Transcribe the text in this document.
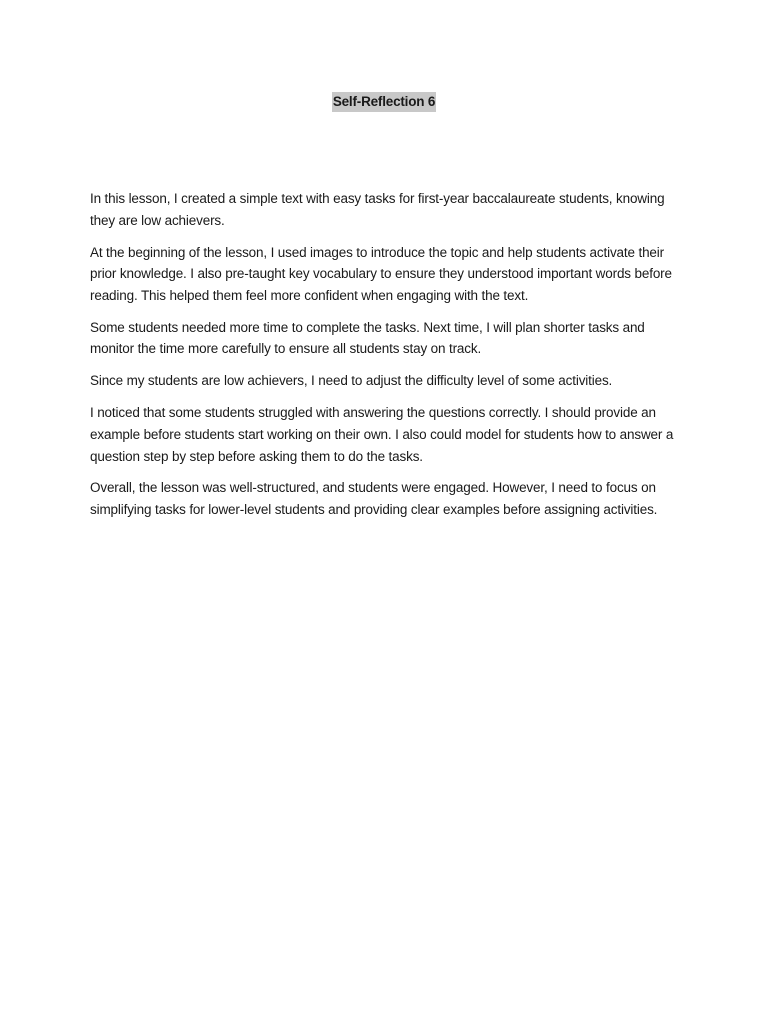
Self-Reflection 6

In this lesson, I created a simple text with easy tasks for first-year baccalaureate students, knowing they are low achievers.

At the beginning of the lesson, I used images to introduce the topic and help students activate their prior knowledge. I also pre-taught key vocabulary to ensure they understood important words before reading. This helped them feel more confident when engaging with the text.

Some students needed more time to complete the tasks. Next time, I will plan shorter tasks and monitor the time more carefully to ensure all students stay on track.

Since my students are low achievers, I need to adjust the difficulty level of some activities.

I noticed that some students struggled with answering the questions correctly. I should provide an example before students start working on their own. I also could model for students how to answer a question step by step before asking them to do the tasks.

Overall, the lesson was well-structured, and students were engaged. However, I need to focus on simplifying tasks for lower-level students and providing clear examples before assigning activities.
